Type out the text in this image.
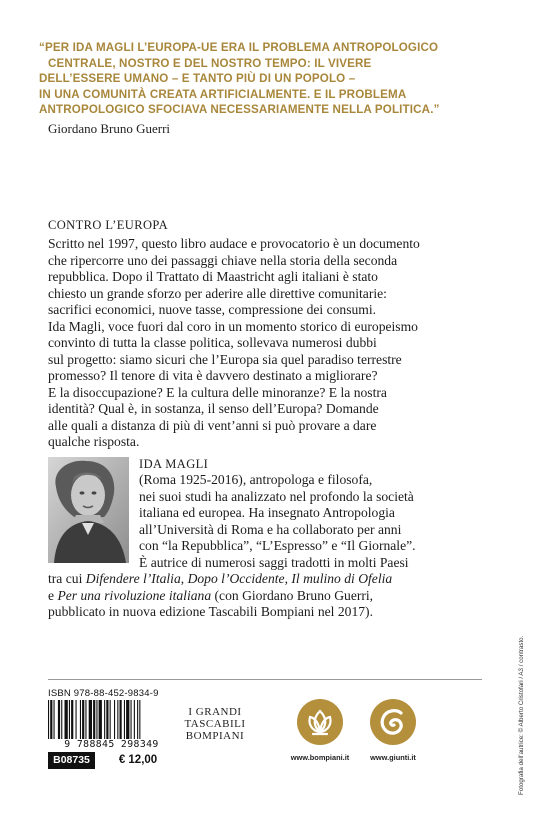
“PER IDA MAGLI L’EUROPA-UE ERA IL PROBLEMA ANTROPOLOGICO
CENTRALE, NOSTRO E DEL NOSTRO TEMPO: IL VIVERE
DELL’ESSERE UMANO – E TANTO PIÙ DI UN POPOLO –
IN UNA COMUNITÀ CREATA ARTIFICIALMENTE. E IL PROBLEMA
ANTROPOLOGICO SFOCIAVA NECESSARIAMENTE NELLA POLITICA.”
Giordano Bruno Guerri
CONTRO L’EUROPA
Scritto nel 1997, questo libro audace e provocatorio è un documento
che ripercorre uno dei passaggi chiave nella storia della seconda
repubblica. Dopo il Trattato di Maastricht agli italiani è stato
chiesto un grande sforzo per aderire alle direttive comunitarie:
sacrifici economici, nuove tasse, compressione dei consumi.
Ida Magli, voce fuori dal coro in un momento storico di europeismo
convinto di tutta la classe politica, sollevava numerosi dubbi
sul progetto: siamo sicuri che l’Europa sia quel paradiso terrestre
promesso? Il tenore di vita è davvero destinato a migliorare?
E la disoccupazione? E la cultura delle minoranze? E la nostra
identità? Qual è, in sostanza, il senso dell’Europa? Domande
alle quali a distanza di più di vent’anni si può provare a dare
qualche risposta.
IDA MAGLI
(Roma 1925-2016), antropologa e filosofa,
nei suoi studi ha analizzato nel profondo la società
italiana ed europea. Ha insegnato Antropologia
all’Università di Roma e ha collaborato per anni
con “la Repubblica”, “L’Espresso” e “Il Giornale”.
È autrice di numerosi saggi tradotti in molti Paesi
tra cui Difendere l’Italia, Dopo l’Occidente, Il mulino di Ofelia
e Per una rivoluzione italiana (con Giordano Bruno Guerri,
pubblicato in nuova edizione Tascabili Bompiani nel 2017).
ISBN 978-88-452-9834-9
9 788845 298349
B08735	€ 12,00
I GRANDI
TASCABILI
BOMPIANI
www.bompiani.it	www.giunti.it	Fotografia dell’autrice: © Alberto Cristofari / A3 / contrasto.
